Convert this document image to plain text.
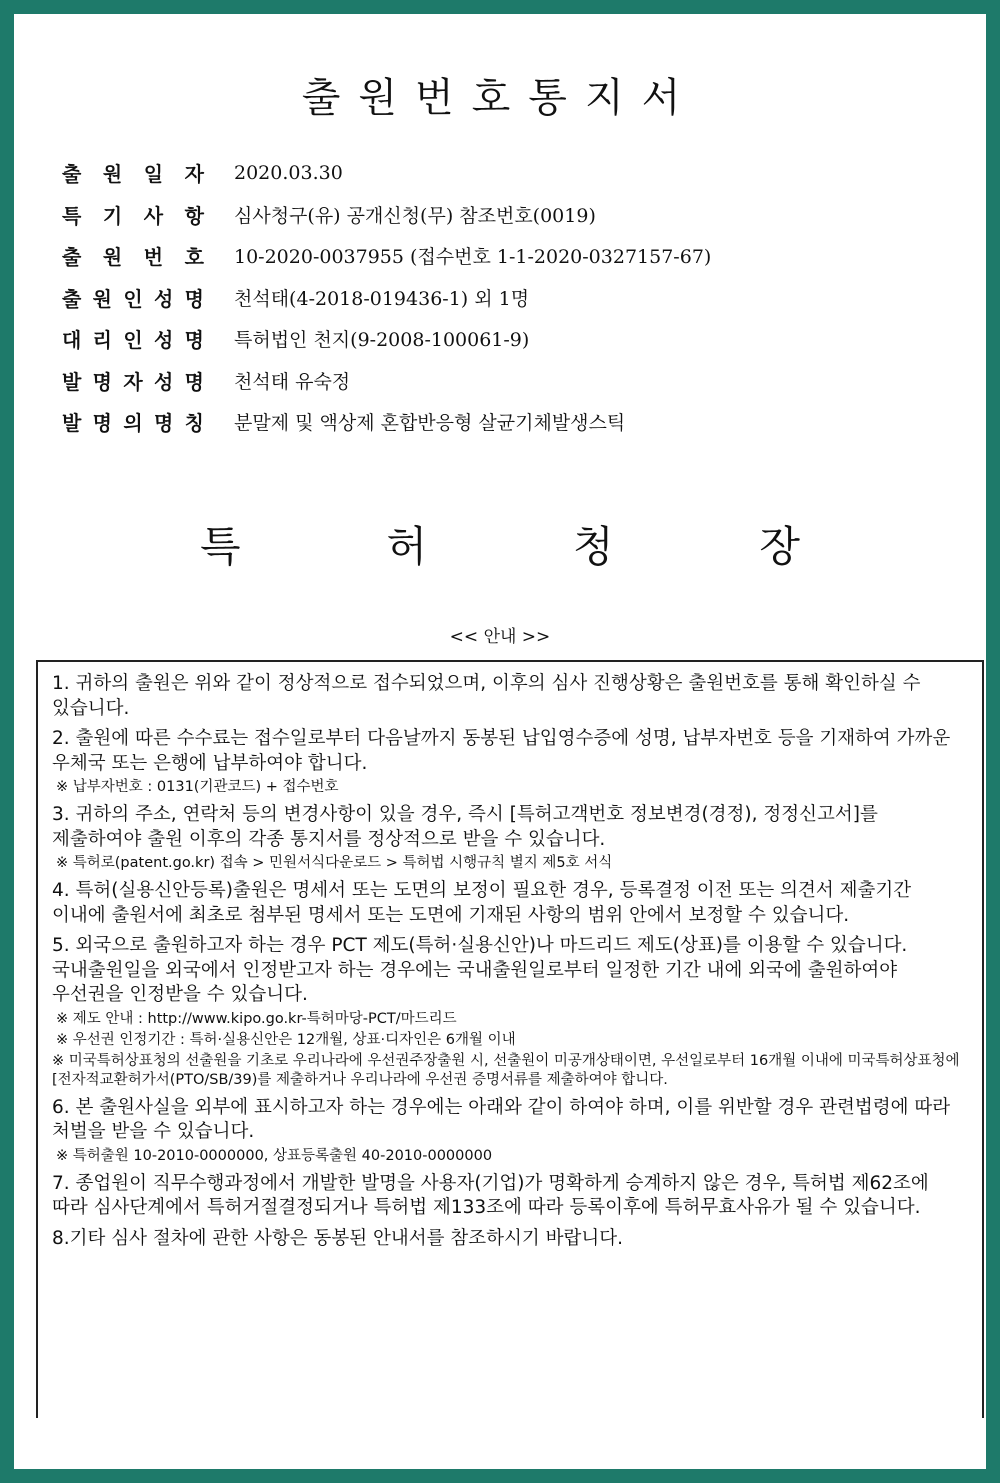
출원번호통지서
출 원 일 자 2020.03.30
특 기 사 항 심사청구(유) 공개신청(무) 참조번호(0019)
출 원 번 호 10-2020-0037955 (접수번호 1-1-2020-0327157-67)
출 원 인 성 명 천석태(4-2018-019436-1) 외 1명
대 리 인 성 명 특허법인 천지(9-2008-100061-9)
발 명 자 성 명 천석태 유숙정
발 명 의 명 칭 분말제 및 액상제 혼합반응형 살균기체발생스틱
특	허	청	장
<< 안내 >>
1. 귀하의 출원은 위와 같이 정상적으로 접수되었으며, 이후의 심사 진행상황은 출원번호를 통해 확인하실 수 있습니다.
2. 출원에 따른 수수료는 접수일로부터 다음날까지 동봉된 납입영수증에 성명, 납부자번호 등을 기재하여 가까운 우체국 또는 은행에 납부하여야 합니다.
※ 납부자번호 : 0131(기관코드) + 접수번호
3. 귀하의 주소, 연락처 등의 변경사항이 있을 경우, 즉시 [특허고객번호 정보변경(경정), 정정신고서]를 제출하여야 출원 이후의 각종 통지서를 정상적으로 받을 수 있습니다.
※ 특허로(patent.go.kr) 접속 > 민원서식다운로드 > 특허법 시행규칙 별지 제5호 서식
4. 특허(실용신안등록)출원은 명세서 또는 도면의 보정이 필요한 경우, 등록결정 이전 또는 의견서 제출기간 이내에 출원서에 최초로 첨부된 명세서 또는 도면에 기재된 사항의 범위 안에서 보정할 수 있습니다.
5. 외국으로 출원하고자 하는 경우 PCT 제도(특허·실용신안)나 마드리드 제도(상표)를 이용할 수 있습니다. 국내출원일을 외국에서 인정받고자 하는 경우에는 국내출원일로부터 일정한 기간 내에 외국에 출원하여야 우선권을 인정받을 수 있습니다.
※ 제도 안내 : http://www.kipo.go.kr-특허마당-PCT/마드리드
※ 우선권 인정기간 : 특허·실용신안은 12개월, 상표·디자인은 6개월 이내
※ 미국특허상표청의 선출원을 기초로 우리나라에 우선권주장출원 시, 선출원이 미공개상태이면, 우선일로부터 16개월 이내에 미국특허상표청에 [전자적교환허가서(PTO/SB/39)를 제출하거나 우리나라에 우선권 증명서류를 제출하여야 합니다.
6. 본 출원사실을 외부에 표시하고자 하는 경우에는 아래와 같이 하여야 하며, 이를 위반할 경우 관련법령에 따라 처벌을 받을 수 있습니다.
※ 특허출원 10-2010-0000000, 상표등록출원 40-2010-0000000
7. 종업원이 직무수행과정에서 개발한 발명을 사용자(기업)가 명확하게 승계하지 않은 경우, 특허법 제62조에 따라 심사단계에서 특허거절결정되거나 특허법 제133조에 따라 등록이후에 특허무효사유가 될 수 있습니다.
8.기타 심사 절차에 관한 사항은 동봉된 안내서를 참조하시기 바랍니다.
